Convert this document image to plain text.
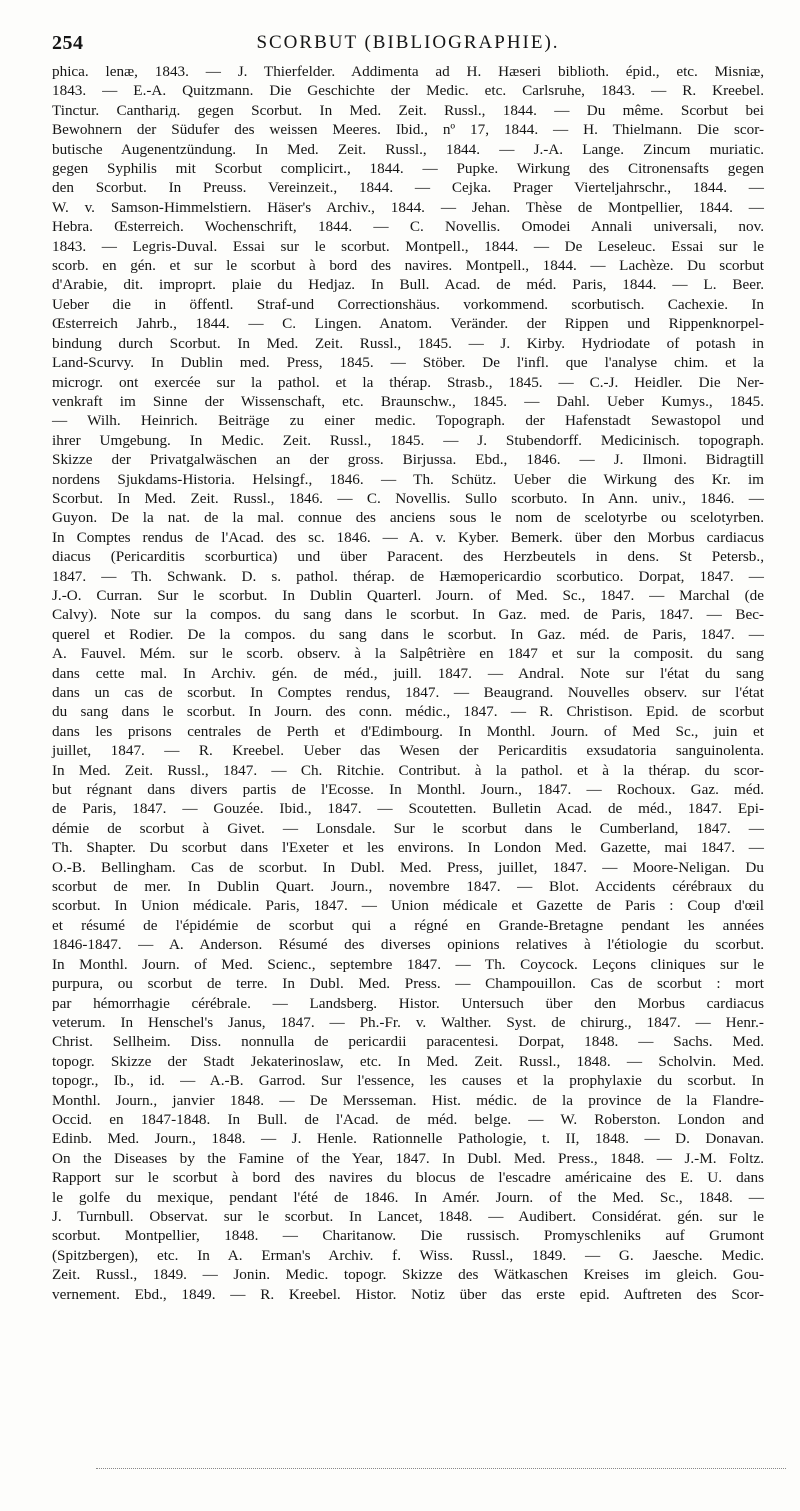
254	SCORBUT (BIBLIOGRAPHIE).
phica. lenæ, 1843. — J. Thierfelder. Addimenta ad H. Hæseri biblioth. épid., etc. Misniæ,
1843. — E.-A. Quitzmann. Die Geschichte der Medic. etc. Carlsruhe, 1843. — R. Kreebel.
Tinctur. Canthariд. gegen Scorbut. In Med. Zeit. Russl., 1844. — Du même. Scorbut bei
Bewohnern der Südufer des weissen Meeres. Ibid., nº 17, 1844. — H. Thielmann. Die scor-
butische Augenentzündung. In Med. Zeit. Russl., 1844. — J.-A. Lange. Zincum muriatic.
gegen Syphilis mit Scorbut complicirt., 1844. — Pupke. Wirkung des Citronensafts gegen
den Scorbut. In Preuss. Vereinzeit., 1844. — Cejka. Prager Vierteljahrschr., 1844. —
W. v. Samson-Himmelstiern. Häser's Archiv., 1844. — Jehan. Thèse de Montpellier, 1844. —
Hebra. Œsterreich. Wochenschrift, 1844. — C. Novellis. Omodei Annali universali, nov.
1843. — Legris-Duval. Essai sur le scorbut. Montpell., 1844. — De Leseleuc. Essai sur le
scorb. en gén. et sur le scorbut à bord des navires. Montpell., 1844. — Lachèze. Du scorbut
d'Arabie, dit. improprt. plaie du Hedjaz. In Bull. Acad. de méd. Paris, 1844. — L. Beer.
Ueber die in öffentl. Straf-und Correctionshäus. vorkommend. scorbutisch. Cachexie. In
Œsterreich Jahrb., 1844. — C. Lingen. Anatom. Veränder. der Rippen und Rippenknorpel-
bindung durch Scorbut. In Med. Zeit. Russl., 1845. — J. Kirby. Hydriodate of potash in
Land-Scurvy. In Dublin med. Press, 1845. — Stöber. De l'infl. que l'analyse chim. et la
microgr. ont exercée sur la pathol. et la thérap. Strasb., 1845. — C.-J. Heidler. Die Ner-
venkraft im Sinne der Wissenschaft, etc. Braunschw., 1845. — Dahl. Ueber Kumys., 1845.
— Wilh. Heinrich. Beiträge zu einer medic. Topograph. der Hafenstadt Sewastopol und
ihrer Umgebung. In Medic. Zeit. Russl., 1845. — J. Stubendorff. Medicinisch. topograph.
Skizze der Privatgalwäschen an der gross. Birjussa. Ebd., 1846. — J. Ilmoni. Bidragtill
nordens Sjukdams-Historia. Helsingf., 1846. — Th. Schütz. Ueber die Wirkung des Kr. im
Scorbut. In Med. Zeit. Russl., 1846. — C. Novellis. Sullo scorbuto. In Ann. univ., 1846. —
Guyon. De la nat. de la mal. connue des anciens sous le nom de scelotyrbe ou scelotyrben.
In Comptes rendus de l'Acad. des sc. 1846. — A. v. Kyber. Bemerk. über den Morbus cardiacus
diacus (Pericarditis scorburtica) und über Paracent. des Herzbeutels in dens. St Petersb.,
1847. — Th. Schwank. D. s. pathol. thérap. de Hæmopericardio scorbutico. Dorpat, 1847. —
J.-O. Curran. Sur le scorbut. In Dublin Quarterl. Journ. of Med. Sc., 1847. — Marchal (de
Calvy). Note sur la compos. du sang dans le scorbut. In Gaz. med. de Paris, 1847. — Bec-
querel et Rodier. De la compos. du sang dans le scorbut. In Gaz. méd. de Paris, 1847. —
A. Fauvel. Mém. sur le scorb. observ. à la Salpêtrière en 1847 et sur la composit. du sang
dans cette mal. In Archiv. gén. de méd., juill. 1847. — Andral. Note sur l'état du sang
dans un cas de scorbut. In Comptes rendus, 1847. — Beaugrand. Nouvelles observ. sur l'état
du sang dans le scorbut. In Journ. des conn. médic., 1847. — R. Christison. Epid. de scorbut
dans les prisons centrales de Perth et d'Edimbourg. In Monthl. Journ. of Med Sc., juin et
juillet, 1847. — R. Kreebel. Ueber das Wesen der Pericarditis exsudatoria sanguinolenta.
In Med. Zeit. Russl., 1847. — Ch. Ritchie. Contribut. à la pathol. et à la thérap. du scor-
but régnant dans divers partis de l'Ecosse. In Monthl. Journ., 1847. — Rochoux. Gaz. méd.
de Paris, 1847. — Gouzée. Ibid., 1847. — Scoutetten. Bulletin Acad. de méd., 1847. Epi-
démie de scorbut à Givet. — Lonsdale. Sur le scorbut dans le Cumberland, 1847. —
Th. Shapter. Du scorbut dans l'Exeter et les environs. In London Med. Gazette, mai 1847. —
O.-B. Bellingham. Cas de scorbut. In Dubl. Med. Press, juillet, 1847. — Moore-Neligan. Du
scorbut de mer. In Dublin Quart. Journ., novembre 1847. — Blot. Accidents cérébraux du
scorbut. In Union médicale. Paris, 1847. — Union médicale et Gazette de Paris : Coup d'œil
et résumé de l'épidémie de scorbut qui a régné en Grande-Bretagne pendant les années
1846-1847. — A. Anderson. Résumé des diverses opinions relatives à l'étiologie du scorbut.
In Monthl. Journ. of Med. Scienc., septembre 1847. — Th. Coycock. Leçons cliniques sur le
purpura, ou scorbut de terre. In Dubl. Med. Press. — Champouillon. Cas de scorbut : mort
par hémorrhagie cérébrale. — Landsberg. Histor. Untersuch über den Morbus cardiacus
veterum. In Henschel's Janus, 1847. — Ph.-Fr. v. Walther. Syst. de chirurg., 1847. — Henr.-
Christ. Sellheim. Diss. nonnulla de pericardii paracentesi. Dorpat, 1848. — Sachs. Med.
topogr. Skizze der Stadt Jekaterinoslaw, etc. In Med. Zeit. Russl., 1848. — Scholvin. Med.
topogr., Ib., id. — A.-B. Garrod. Sur l'essence, les causes et la prophylaxie du scorbut. In
Monthl. Journ., janvier 1848. — De Mersseman. Hist. médic. de la province de la Flandre-
Occid. en 1847-1848. In Bull. de l'Acad. de méd. belge. — W. Roberston. London and
Edinb. Med. Journ., 1848. — J. Henle. Rationnelle Pathologie, t. II, 1848. — D. Donavan.
On the Diseases by the Famine of the Year, 1847. In Dubl. Med. Press., 1848. — J.-M. Foltz.
Rapport sur le scorbut à bord des navires du blocus de l'escadre américaine des E. U. dans
le golfe du mexique, pendant l'été de 1846. In Amér. Journ. of the Med. Sc., 1848. —
J. Turnbull. Observat. sur le scorbut. In Lancet, 1848. — Audibert. Considérat. gén. sur le
scorbut. Montpellier, 1848. — Charitanow. Die russisch. Promyschleniks auf Grumont
(Spitzbergen), etc. In A. Erman's Archiv. f. Wiss. Russl., 1849. — G. Jaesche. Medic.
Zeit. Russl., 1849. — Jonin. Medic. topogr. Skizze des Wätkaschen Kreises im gleich. Gou-
vernement. Ebd., 1849. — R. Kreebel. Histor. Notiz über das erste epid. Auftreten des Scor-
